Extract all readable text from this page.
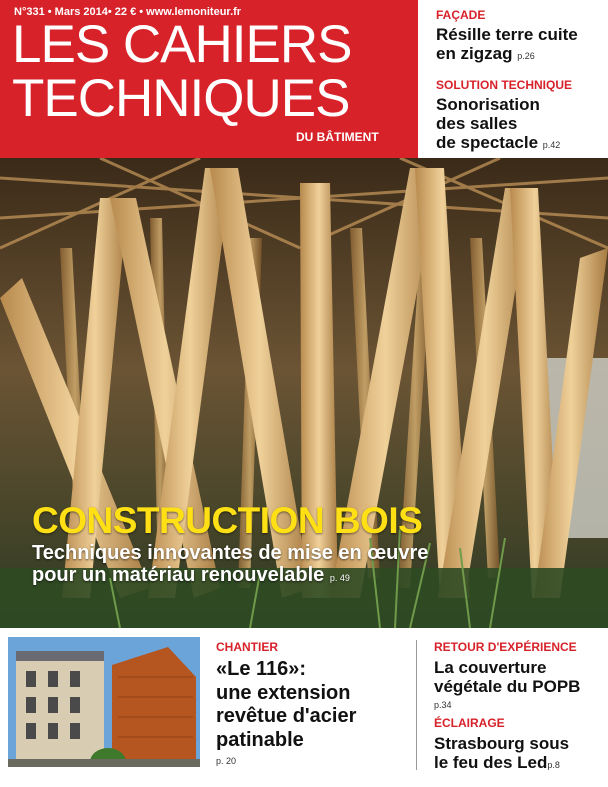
N°331 • Mars 2014• 22 € • www.lemoniteur.fr
LES CAHIERS
TECHNIQUES
DU BÂTIMENT
FAÇADE
Résille terre cuite
en zigzag p.26
SOLUTION TECHNIQUE
Sonorisation
des salles
de spectacle p.42
CONSTRUCTION BOIS
Techniques innovantes de mise en œuvre
pour un matériau renouvelable p. 49
CHANTIER
«Le 116»:
une extension
revêtue d'acier
patinable
p. 20
RETOUR D'EXPÉRIENCE
La couverture
végétale du POPB
p.34
ÉCLAIRAGE
Strasbourg sous
le feu des Ledp.8
